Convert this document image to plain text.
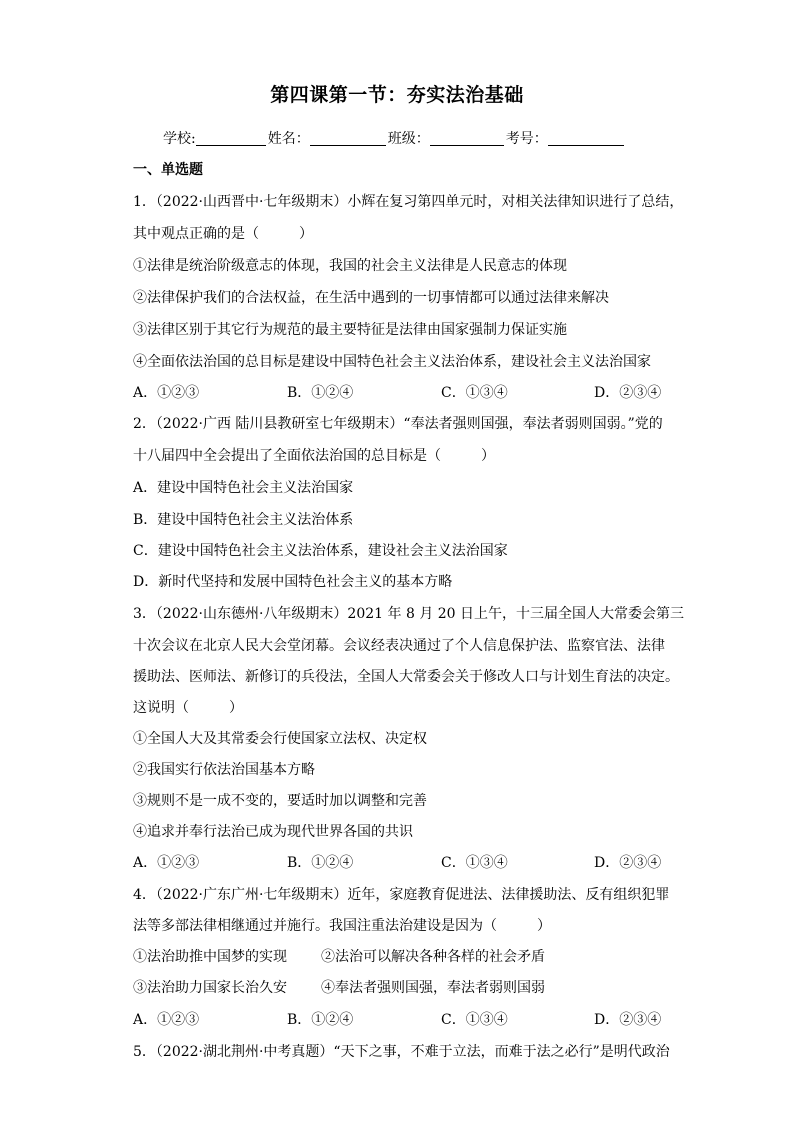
第四课第一节：夯实法治基础
学校:	姓名：	班级：	考号：
一、单选题
1．（2022·山西晋中·七年级期末）小辉在复习第四单元时，对相关法律知识进行了总结，
其中观点正确的是（	）
①法律是统治阶级意志的体现，我国的社会主义法律是人民意志的体现
②法律保护我们的合法权益，在生活中遇到的一切事情都可以通过法律来解决
③法律区别于其它行为规范的最主要特征是法律由国家强制力保证实施
④全面依法治国的总目标是建设中国特色社会主义法治体系，建设社会主义法治国家
A．①②③	B．①②④	C．①③④	D．②③④
2．（2022·广西 陆川县教研室七年级期末）“奉法者强则国强，奉法者弱则国弱。”党的
十八届四中全会提出了全面依法治国的总目标是（	）
A．建设中国特色社会主义法治国家
B．建设中国特色社会主义法治体系
C．建设中国特色社会主义法治体系，建设社会主义法治国家
D．新时代坚持和发展中国特色社会主义的基本方略
3．（2022·山东德州·八年级期末）2021 年 8 月 20 日上午，十三届全国人大常委会第三
十次会议在北京人民大会堂闭幕。会议经表决通过了个人信息保护法、监察官法、法律
援助法、医师法、新修订的兵役法，全国人大常委会关于修改人口与计划生育法的决定。
这说明（	）
①全国人大及其常委会行使国家立法权、决定权
②我国实行依法治国基本方略
③规则不是一成不变的，要适时加以调整和完善
④追求并奉行法治已成为现代世界各国的共识
A．①②③	B．①②④	C．①③④	D．②③④
4．（2022·广东广州·七年级期末）近年，家庭教育促进法、法律援助法、反有组织犯罪
法等多部法律相继通过并施行。我国注重法治建设是因为（	）
①法治助推中国梦的实现 ②法治可以解决各种各样的社会矛盾
③法治助力国家长治久安 ④奉法者强则国强，奉法者弱则国弱
A．①②③	B．①②④	C．①③④	D．②③④
5．（2022·湖北荆州·中考真题）“天下之事，不难于立法，而难于法之必行”是明代政治
